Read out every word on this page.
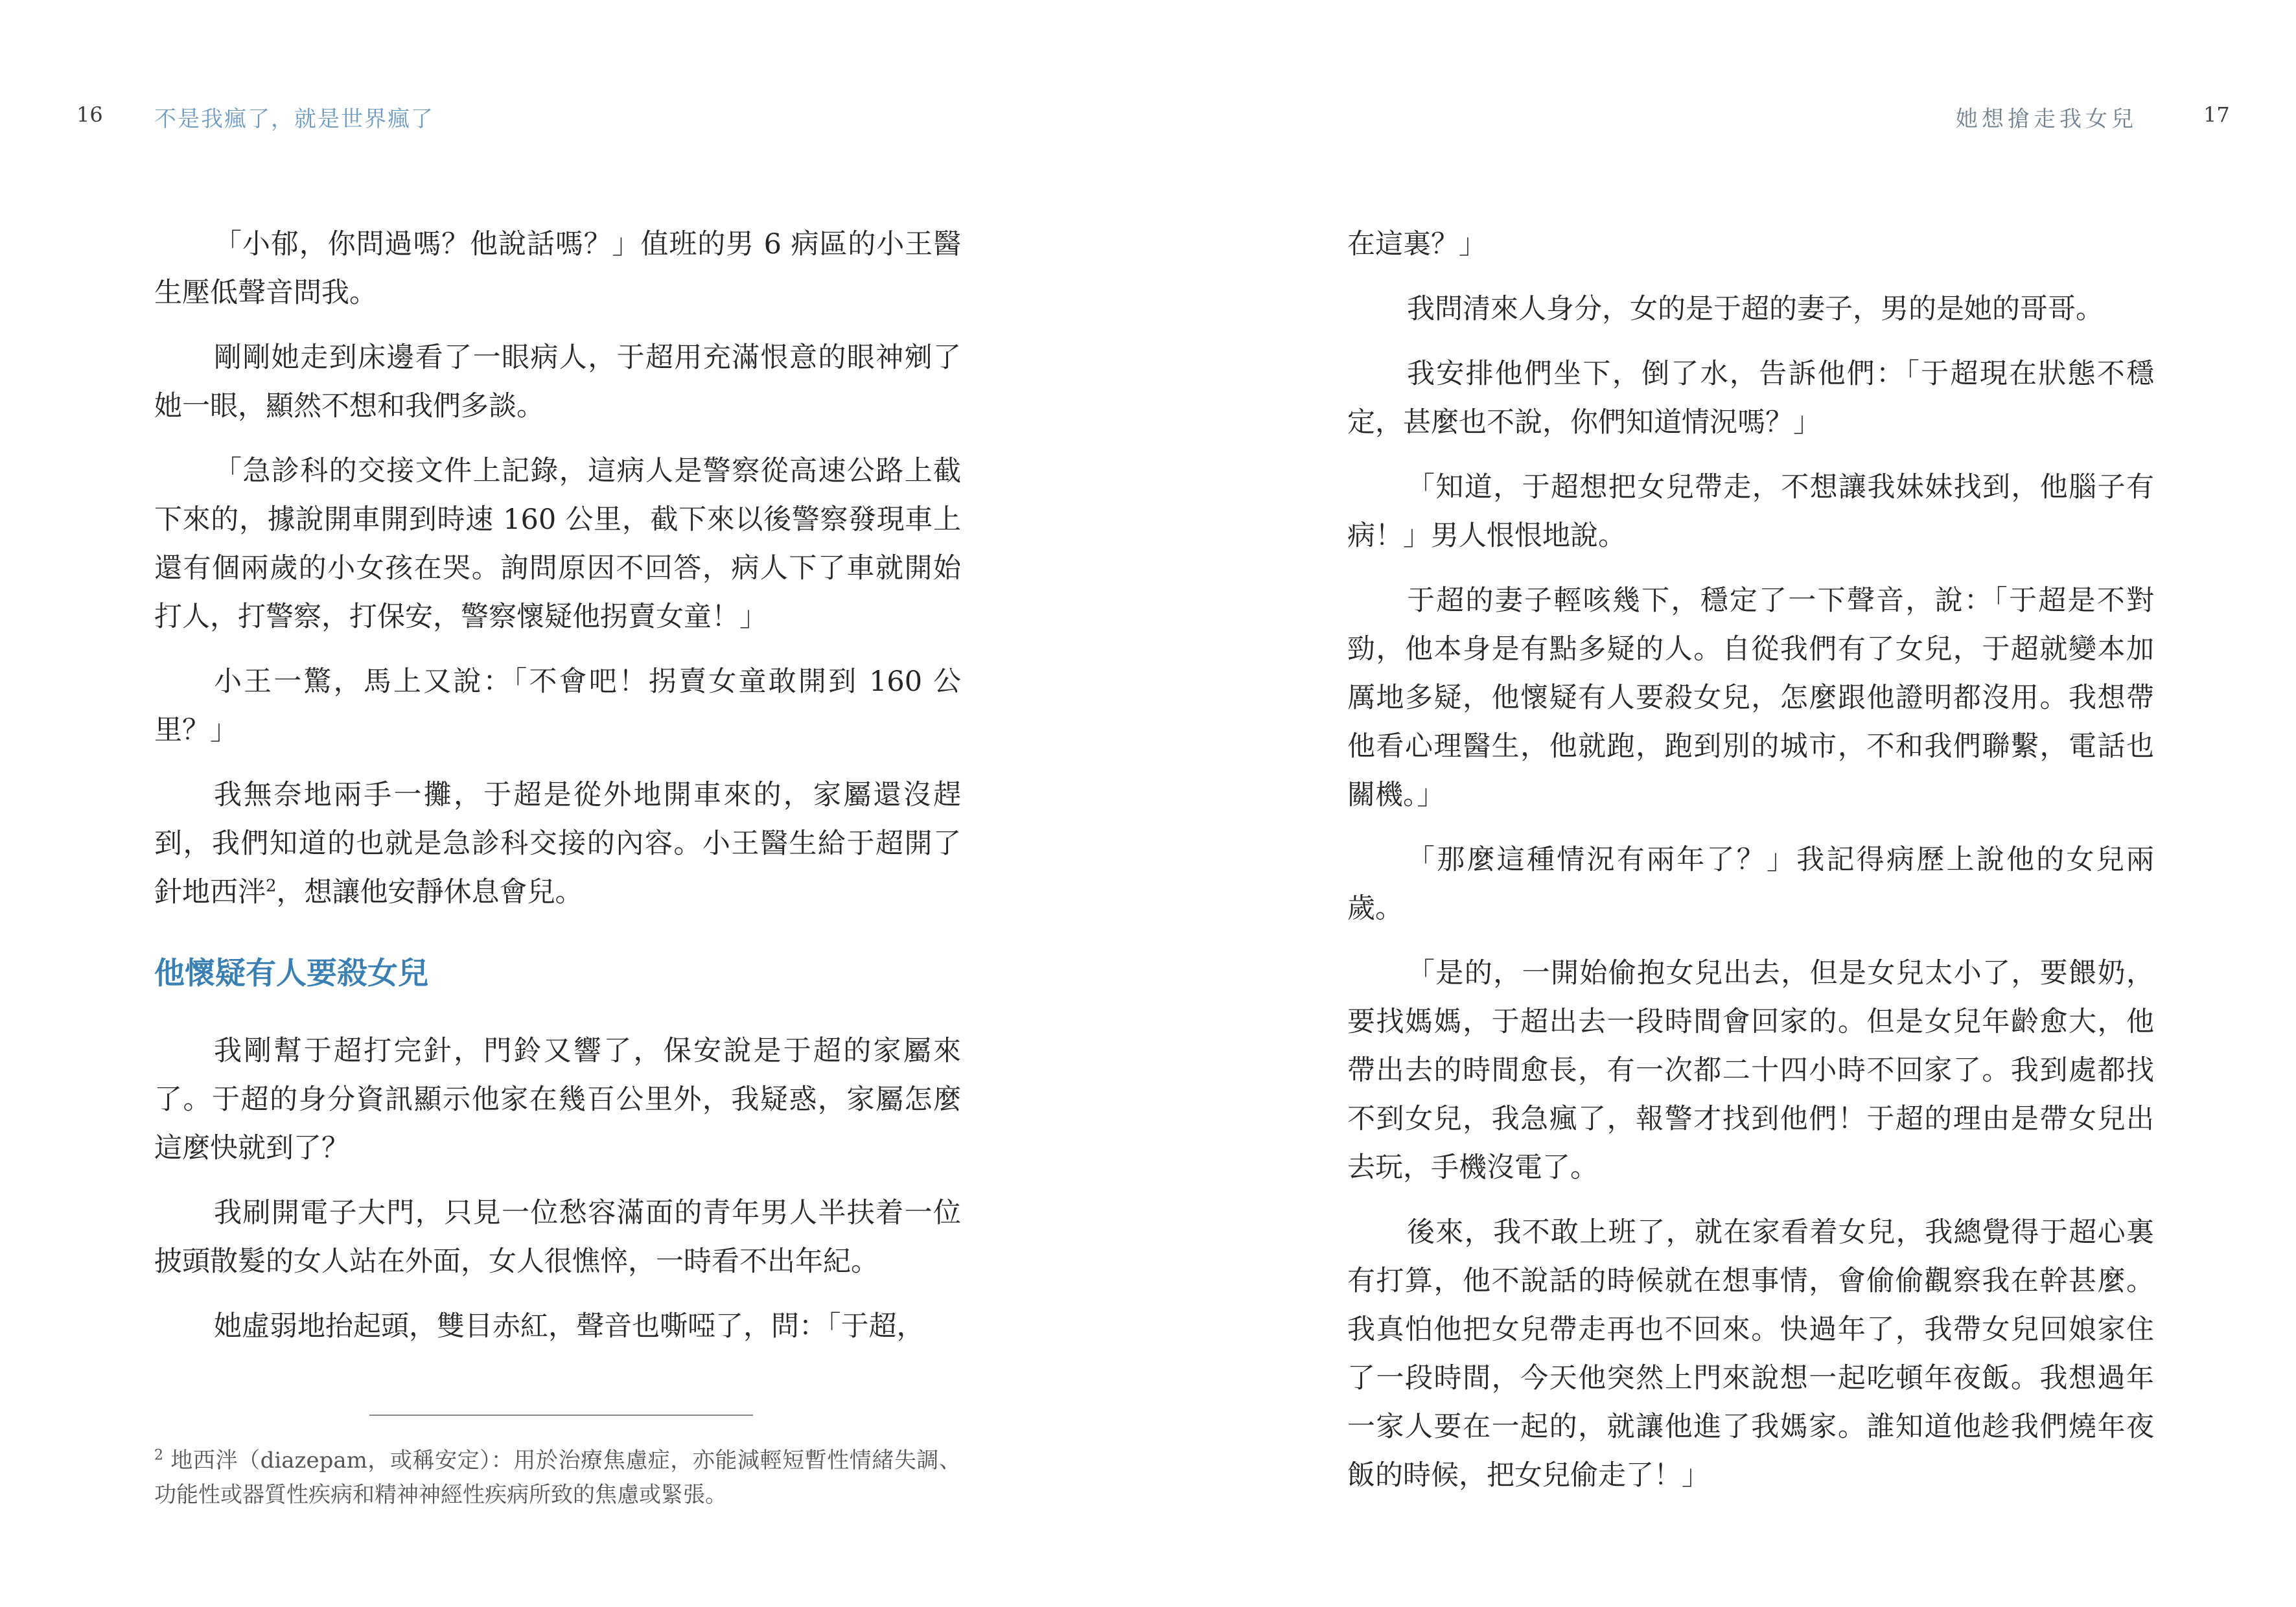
16 不是我瘋了，就是世界瘋了

「小郁，你問過嗎？他說話嗎？」值班的男 6 病區的小王醫生壓低聲音問我。

剛剛她走到床邊看了一眼病人，于超用充滿恨意的眼神剜了她一眼，顯然不想和我們多談。

「急診科的交接文件上記錄，這病人是警察從高速公路上截下來的，據說開車開到時速 160 公里，截下來以後警察發現車上還有個兩歲的小女孩在哭。詢問原因不回答，病人下了車就開始打人，打警察，打保安，警察懷疑他拐賣女童！」

小王一驚，馬上又說：「不會吧！拐賣女童敢開到 160 公里？」

我無奈地兩手一攤，于超是從外地開車來的，家屬還沒趕到，我們知道的也就是急診科交接的內容。小王醫生給于超開了針地西泮$^2$，想讓他安靜休息會兒。

他懷疑有人要殺女兒

我剛幫于超打完針，門鈴又響了，保安說是于超的家屬來了。于超的身分資訊顯示他家在幾百公里外，我疑惑，家屬怎麼這麼快就到了？

我刷開電子大門，只見一位愁容滿面的青年男人半扶着一位披頭散髮的女人站在外面，女人很憔悴，一時看不出年紀。

她虛弱地抬起頭，雙目赤紅，聲音也嘶啞了，問：「于超，

$^2$ 地西泮（diazepam，或稱安定）：用於治療焦慮症，亦能減輕短暫性情緒失調、功能性或器質性疾病和精神神經性疾病所致的焦慮或緊張。
她想搶走我女兒	17

在這裏？」

我問清來人身分，女的是于超的妻子，男的是她的哥哥。

我安排他們坐下，倒了水，告訴他們：「于超現在狀態不穩定，甚麼也不說，你們知道情況嗎？」

「知道，于超想把女兒帶走，不想讓我妹妹找到，他腦子有病！」男人恨恨地說。

于超的妻子輕咳幾下，穩定了一下聲音，說：「于超是不對勁，他本身是有點多疑的人。自從我們有了女兒，于超就變本加厲地多疑，他懷疑有人要殺女兒，怎麼跟他證明都沒用。我想帶他看心理醫生，他就跑，跑到別的城市，不和我們聯繫，電話也關機。」

「那麼這種情況有兩年了？」我記得病歷上說他的女兒兩歲。

「是的，一開始偷抱女兒出去，但是女兒太小了，要餵奶，要找媽媽，于超出去一段時間會回家的。但是女兒年齡愈大，他帶出去的時間愈長，有一次都二十四小時不回家了。我到處都找不到女兒，我急瘋了，報警才找到他們！于超的理由是帶女兒出去玩，手機沒電了。

後來，我不敢上班了，就在家看着女兒，我總覺得于超心裏有打算，他不說話的時候就在想事情，會偷偷觀察我在幹甚麼。我真怕他把女兒帶走再也不回來。快過年了，我帶女兒回娘家住了一段時間，今天他突然上門來說想一起吃頓年夜飯。我想過年一家人要在一起的，就讓他進了我媽家。誰知道他趁我們燒年夜飯的時候，把女兒偷走了！」
